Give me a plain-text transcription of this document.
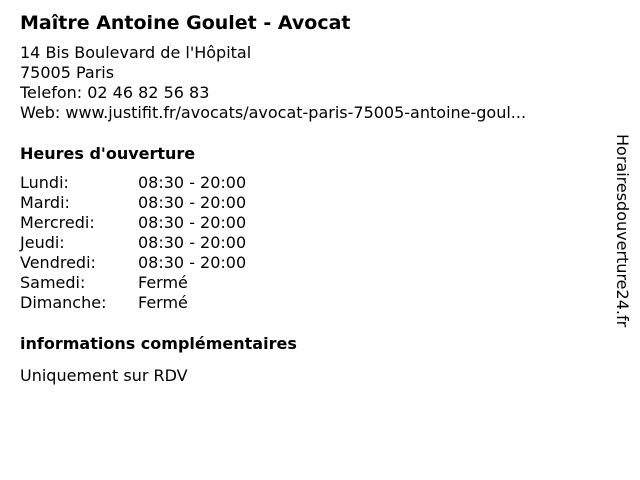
Maître Antoine Goulet - Avocat
14 Bis Boulevard de l'Hôpital
75005 Paris
Telefon: 02 46 82 56 83
Web: www.justifit.fr/avocats/avocat-paris-75005-antoine-goul...
Heures d'ouverture
Lundi:	08:30 - 20:00
Mardi:	08:30 - 20:00
Mercredi:	08:30 - 20:00
Jeudi:	08:30 - 20:00
Vendredi:	08:30 - 20:00
Samedi:	Fermé
Dimanche: Fermé
informations complémentaires
Uniquement sur RDV
Horairesdouverture24.fr
